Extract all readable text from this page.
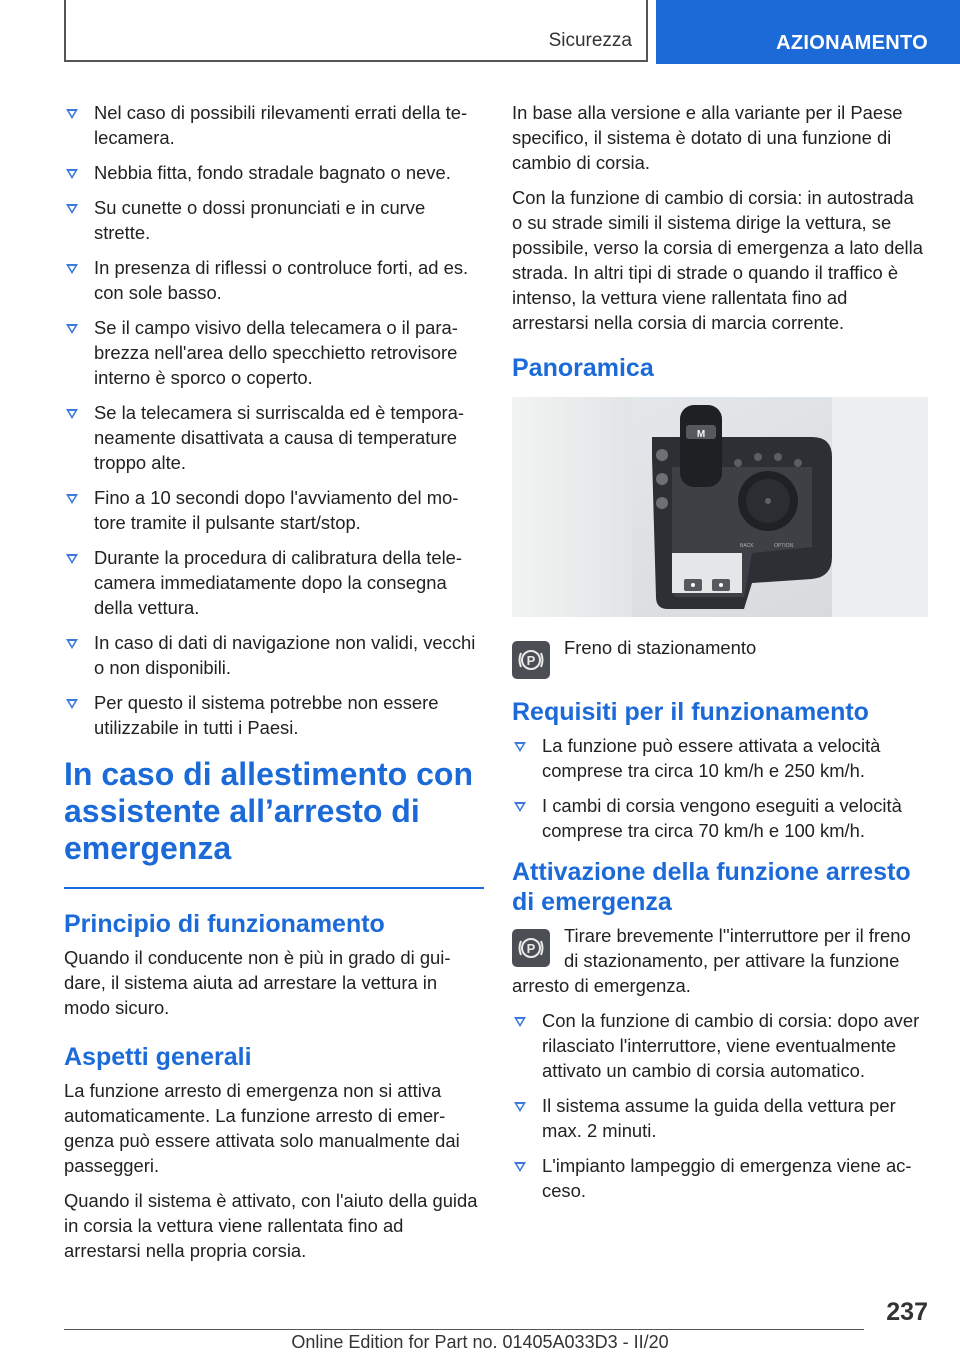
Sicurezza	AZIONAMENTO
Nel caso di possibili rilevamenti errati della telecamera.
Nebbia fitta, fondo stradale bagnato o neve.
Su cunette o dossi pronunciati e in curve strette.
In presenza di riflessi o controluce forti, ad es. con sole basso.
Se il campo visivo della telecamera o il parabrezza nell'area dello specchietto retrovisore interno è sporco o coperto.
Se la telecamera si surriscalda ed è temporaneamente disattivata a causa di temperature troppo alte.
Fino a 10 secondi dopo l'avviamento del motore tramite il pulsante start/stop.
Durante la procedura di calibratura della telecamera immediatamente dopo la consegna della vettura.
In caso di dati di navigazione non validi, vecchi o non disponibili.
Per questo il sistema potrebbe non essere utilizzabile in tutti i Paesi.
In caso di allestimento con assistente all’arresto di emergenza
Principio di funzionamento

Quando il conducente non è più in grado di guidare, il sistema aiuta ad arrestare la vettura in modo sicuro.

Aspetti generali

La funzione arresto di emergenza non si attiva automaticamente. La funzione arresto di emergenza può essere attivata solo manualmente dai passeggeri.

Quando il sistema è attivato, con l'aiuto della guida in corsia la vettura viene rallentata fino ad arrestarsi nella propria corsia.

In base alla versione e alla variante per il Paese specifico, il sistema è dotato di una funzione di cambio di corsia.

Con la funzione di cambio di corsia: in autostrada o su strade simili il sistema dirige la vettura, se possibile, verso la corsia di emergenza a lato della strada. In altri tipi di strade o quando il traffico è intenso, la vettura viene rallentata fino ad arrestarsi nella corsia di marcia corrente.

Panoramica
M
BACK	OPTION
P
Freno di stazionamento
Requisiti per il funzionamento
La funzione può essere attivata a velocità comprese tra circa 10 km/h e 250 km/h.
I cambi di corsia vengono eseguiti a velocità comprese tra circa 70 km/h e 100 km/h.
Attivazione della funzione arresto di emergenza
P
Tirare brevemente l''interruttore per il freno di stazionamento, per attivare la funzione arresto di emergenza.
Con la funzione di cambio di corsia: dopo aver rilasciato l'interruttore, viene eventualmente attivato un cambio di corsia automatico.
Il sistema assume la guida della vettura per max. 2 minuti.
L'impianto lampeggio di emergenza viene acceso.
237
Online Edition for Part no. 01405A033D3 - II/20
